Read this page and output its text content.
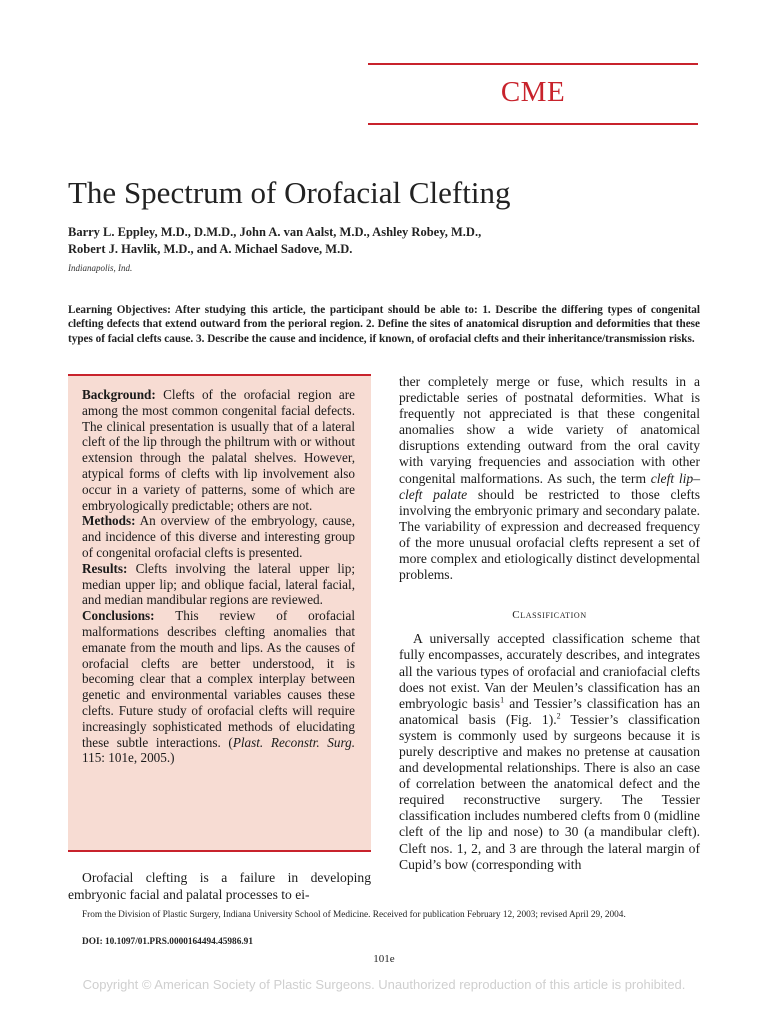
CME
The Spectrum of Orofacial Clefting
Barry L. Eppley, M.D., D.M.D., John A. van Aalst, M.D., Ashley Robey, M.D.,
Robert J. Havlik, M.D., and A. Michael Sadove, M.D.
Indianapolis, Ind.
Learning Objectives: After studying this article, the participant should be able to: 1. Describe the differing types of congenital clefting defects that extend outward from the perioral region. 2. Define the sites of anatomical disruption and deformities that these types of facial clefts cause. 3. Describe the cause and incidence, if known, of orofacial clefts and their inheritance/transmission risks.

Background: Clefts of the orofacial region are among the most common congenital facial defects. The clinical presentation is usually that of a lateral cleft of the lip through the philtrum with or without extension through the palatal shelves. However, atypical forms of clefts with lip involvement also occur in a variety of patterns, some of which are embryologically predictable; others are not.

Methods: An overview of the embryology, cause, and incidence of this diverse and interesting group of congenital orofacial clefts is presented.

Results: Clefts involving the lateral upper lip; median upper lip; and oblique facial, lateral facial, and median mandibular regions are reviewed.

Conclusions: This review of orofacial malformations describes clefting anomalies that emanate from the mouth and lips. As the causes of orofacial clefts are better understood, it is becoming clear that a complex interplay between genetic and environmental variables causes these clefts. Future study of orofacial clefts will require increasingly sophisticated methods of elucidating these subtle interactions. (Plast. Reconstr. Surg. 115: 101e, 2005.)

Orofacial clefting is a failure in developing embryonic facial and palatal processes to ei-

ther completely merge or fuse, which results in a predictable series of postnatal deformities. What is frequently not appreciated is that these congenital anomalies show a wide variety of anatomical disruptions extending outward from the oral cavity with varying frequencies and association with other congenital malformations. As such, the term cleft lip–cleft palate should be restricted to those clefts involving the embryonic primary and secondary palate. The variability of expression and decreased frequency of the more unusual orofacial clefts represent a set of more complex and etiologically distinct developmental problems.

Classification

A universally accepted classification scheme that fully encompasses, accurately describes, and integrates all the various types of orofacial and craniofacial clefts does not exist. Van der Meulen’s classification has an embryologic basis$^1$ and Tessier’s classification has an anatomical basis (Fig. 1).$^2$ Tessier’s classification system is commonly used by surgeons because it is purely descriptive and makes no pretense at causation and developmental relationships. There is also an case of correlation between the anatomical defect and the required reconstructive surgery. The Tessier classification includes numbered clefts from 0 (midline cleft of the lip and nose) to 30 (a mandibular cleft). Cleft nos. 1, 2, and 3 are through the lateral margin of Cupid’s bow (corresponding with

From the Division of Plastic Surgery, Indiana University School of Medicine. Received for publication February 12, 2003; revised April 29, 2004.
DOI: 10.1097/01.PRS.0000164494.45986.91
101e
Copyright © American Society of Plastic Surgeons. Unauthorized reproduction of this article is prohibited.
